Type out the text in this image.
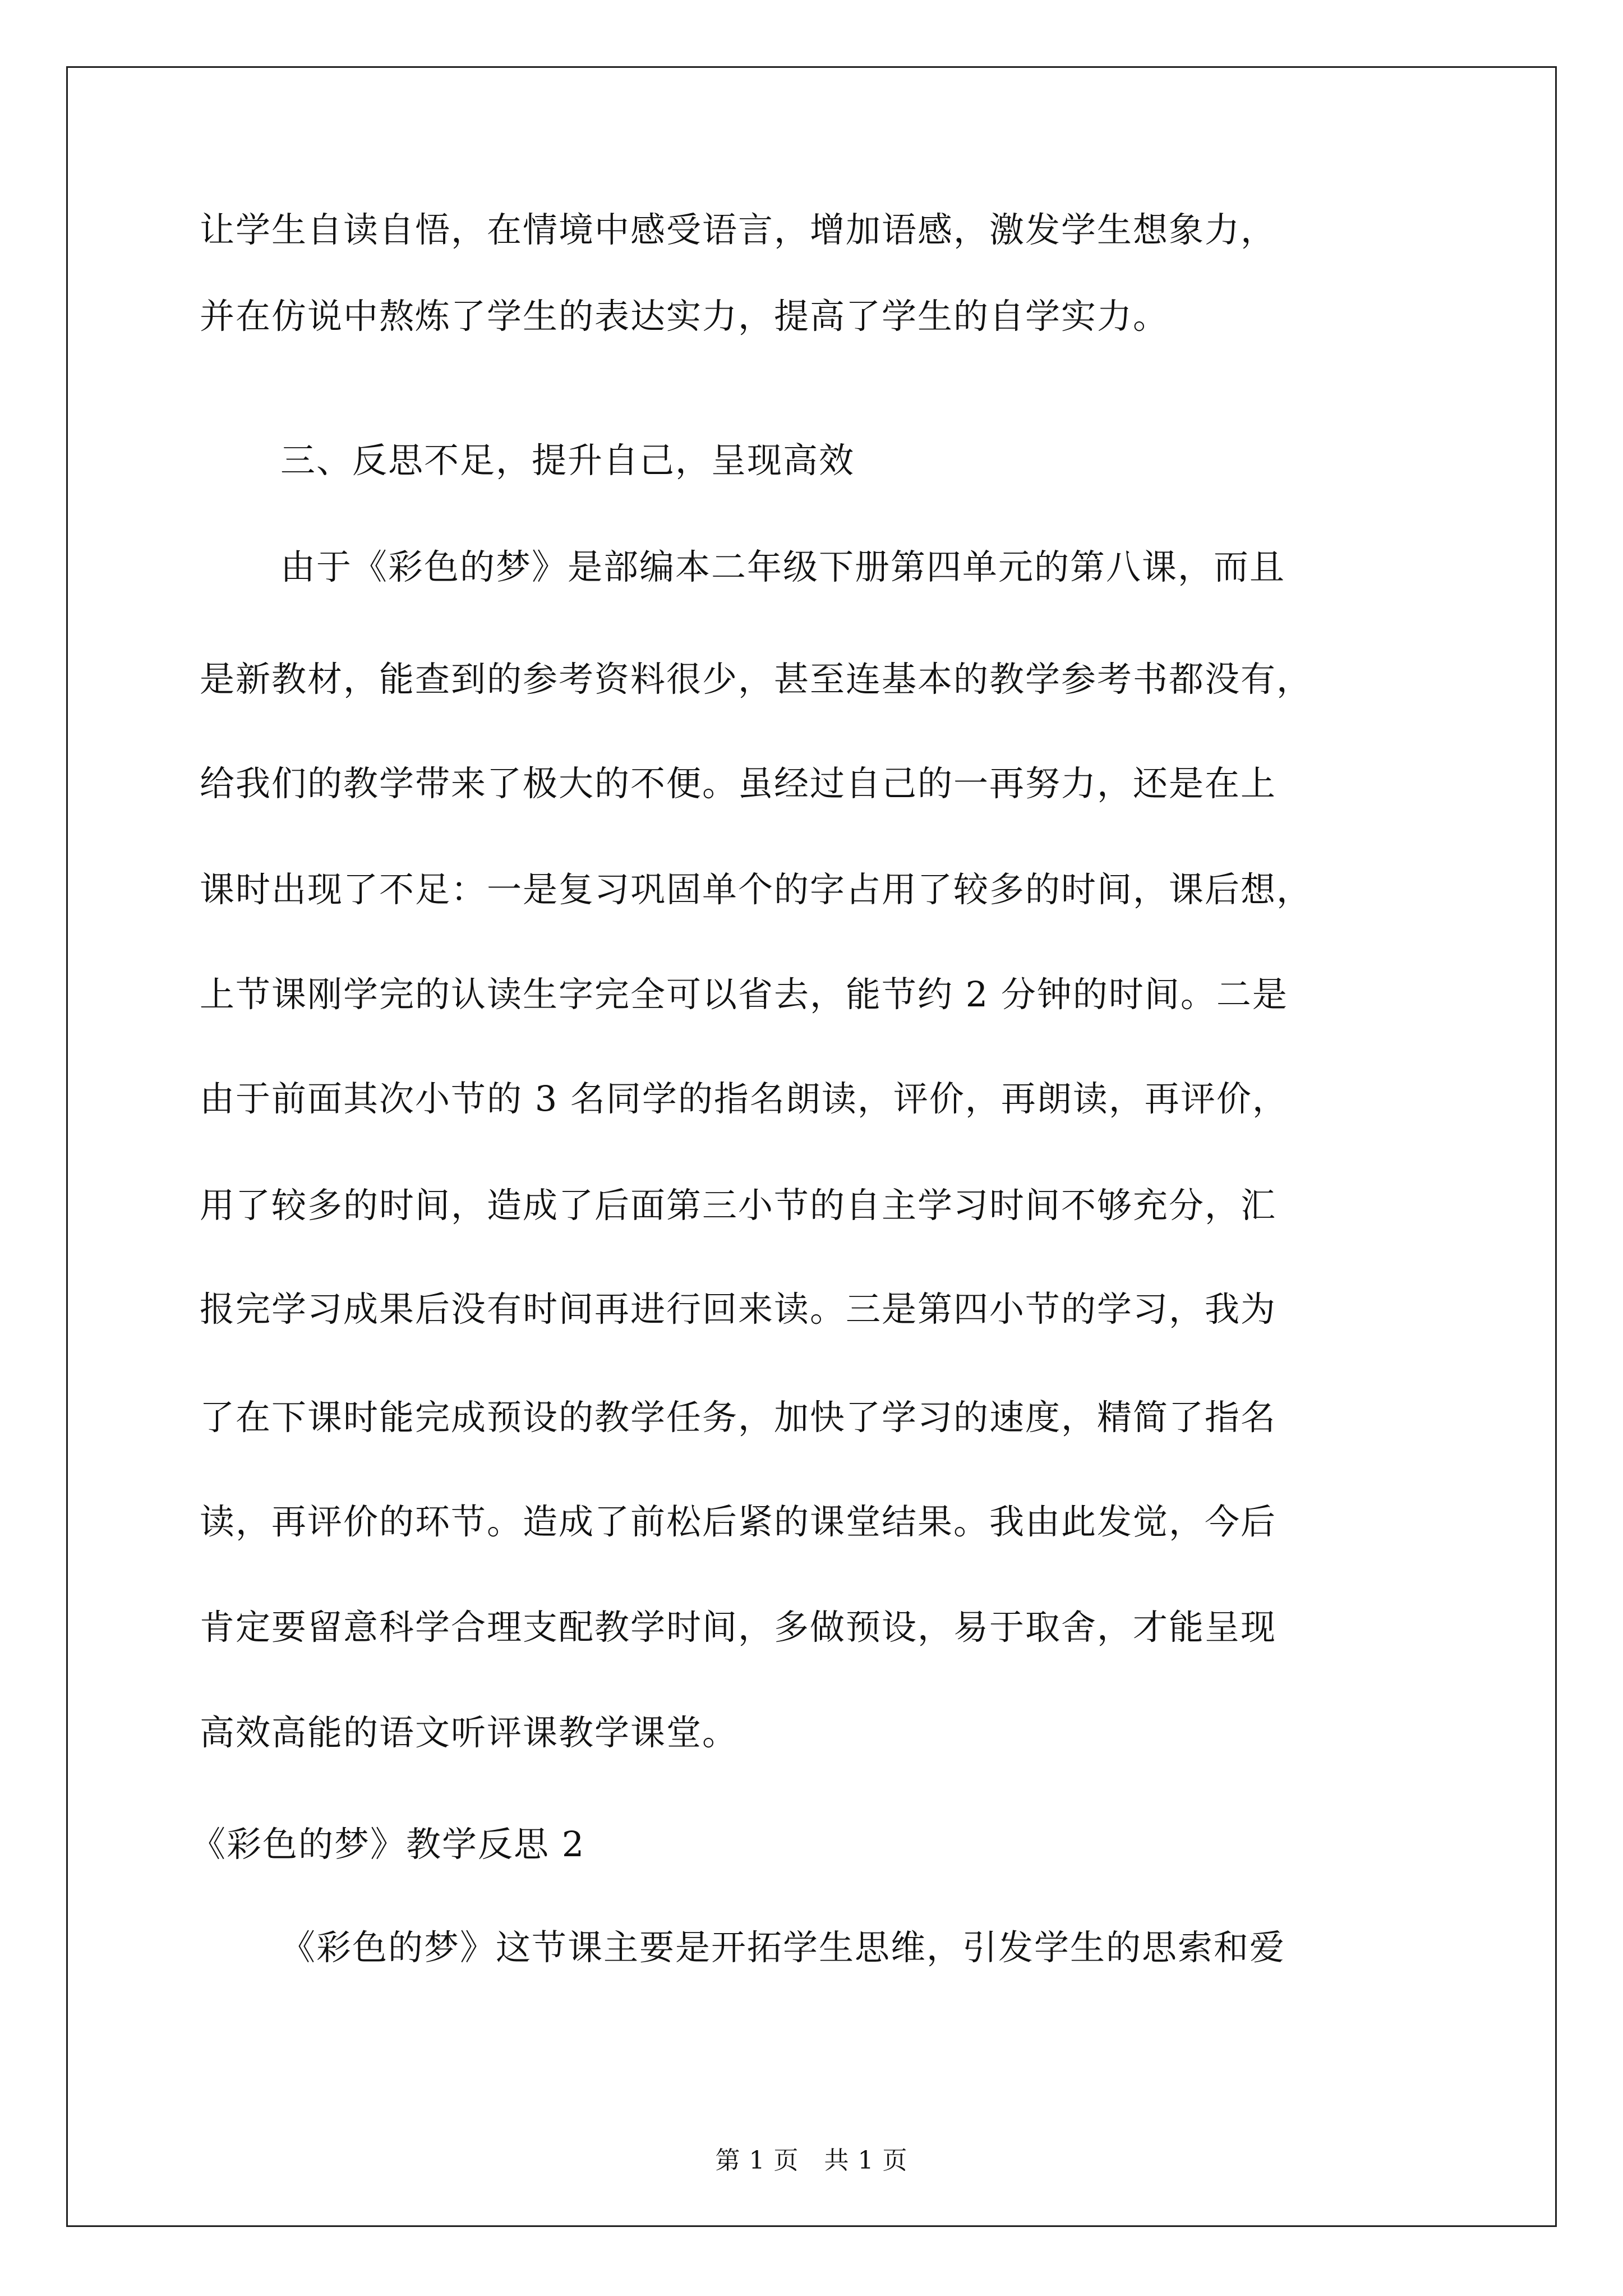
让学生自读自悟，在情境中感受语言，增加语感，激发学生想象力，
并在仿说中熬炼了学生的表达实力，提高了学生的自学实力。
三、反思不足，提升自己，呈现高效
由于《彩色的梦》是部编本二年级下册第四单元的第八课，而且
是新教材，能查到的参考资料很少，甚至连基本的教学参考书都没有，
给我们的教学带来了极大的不便。虽经过自己的一再努力，还是在上
课时出现了不足：一是复习巩固单个的字占用了较多的时间，课后想，
上节课刚学完的认读生字完全可以省去，能节约 2 分钟的时间。二是
由于前面其次小节的 3 名同学的指名朗读，评价，再朗读，再评价，
用了较多的时间，造成了后面第三小节的自主学习时间不够充分，汇
报完学习成果后没有时间再进行回来读。三是第四小节的学习，我为
了在下课时能完成预设的教学任务，加快了学习的速度，精简了指名
读，再评价的环节。造成了前松后紧的课堂结果。我由此发觉，今后
肯定要留意科学合理支配教学时间，多做预设，易于取舍，才能呈现
高效高能的语文听评课教学课堂。
《彩色的梦》教学反思 2
《彩色的梦》这节课主要是开拓学生思维，引发学生的思索和爱
第 1 页   共 1 页
